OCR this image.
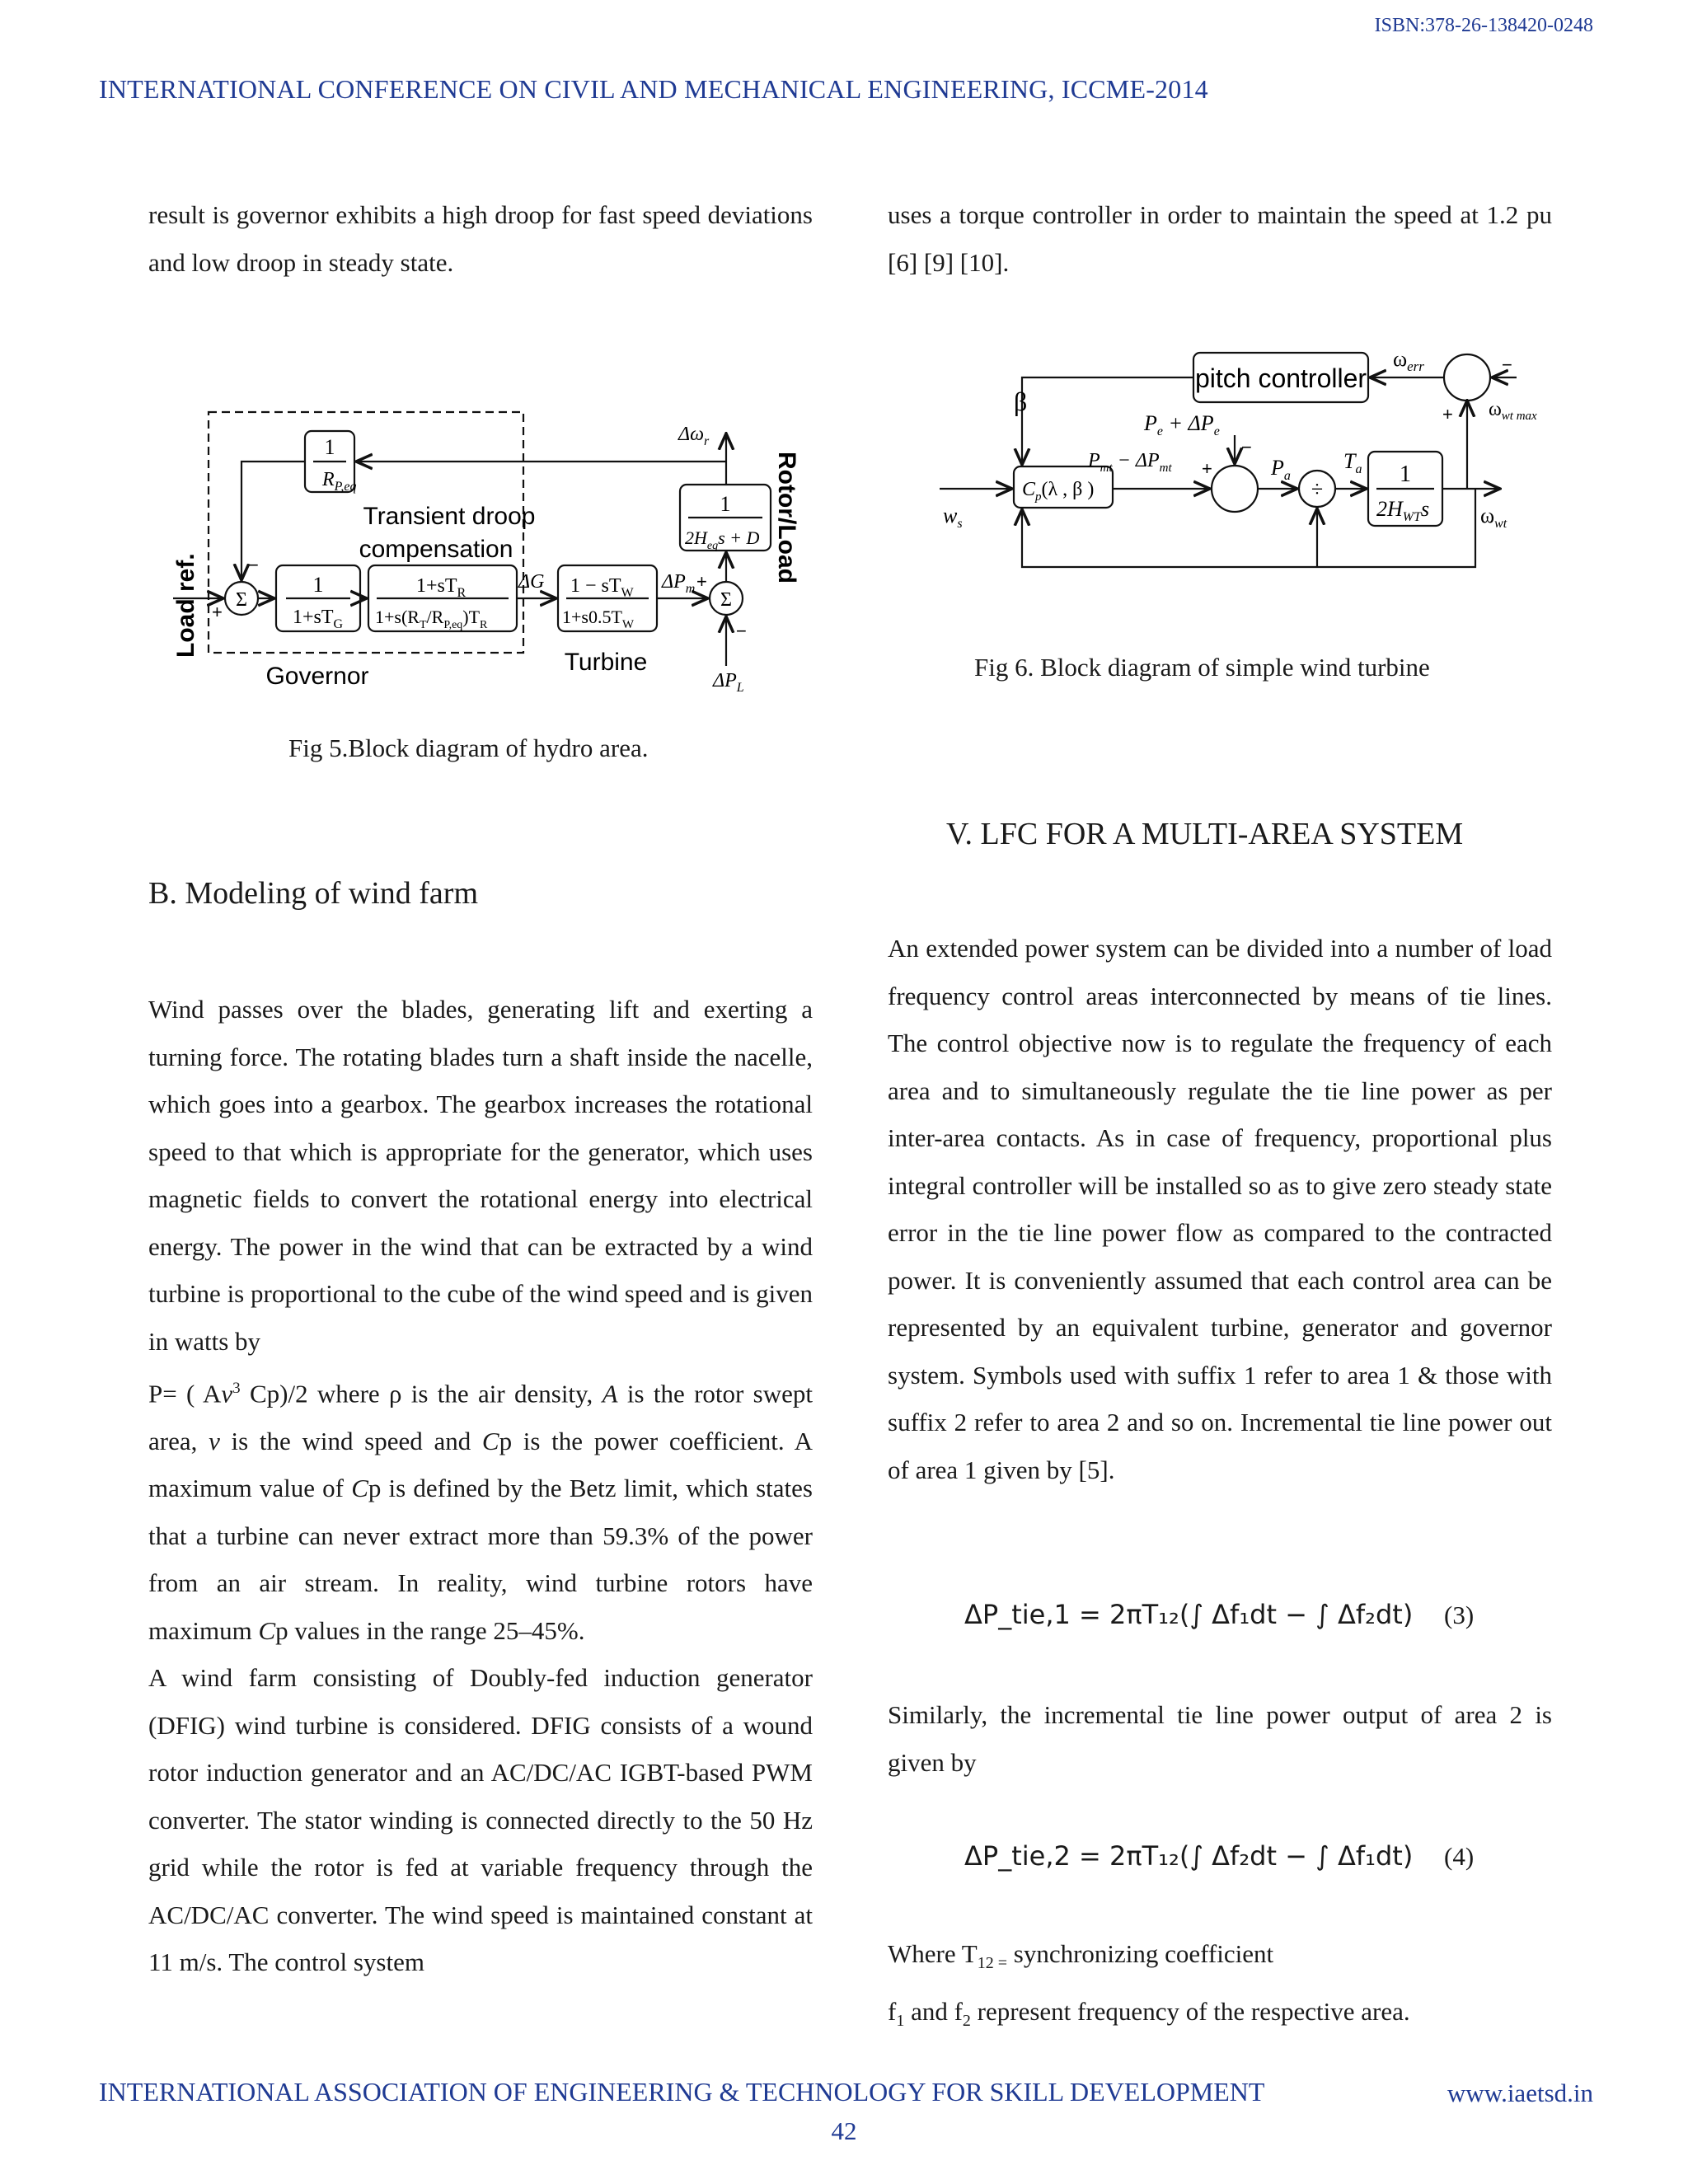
ISBN:378-26-138420-0248
INTERNATIONAL CONFERENCE ON CIVIL AND MECHANICAL ENGINEERING, ICCME-2014

result is governor exhibits a high droop for fast speed deviations and low droop in steady state.

1
$R_{P,eq}$
Transient droop
compensation
Σ	Σ
1
$1+sT_G$
$1+sT_R$
$1+s(R_T/R_{P,eq})T_R$
ΔG $1 - sT_W$
$1+s0.5T_W$
$\Delta P_m$ +
1
$2H_{eq}s + D$
$\Delta\omega_r$
Rotor/Load
Load ref.
Governor
Turbine
$\Delta P_L$
+
−
−
Fig 5.Block diagram of hydro area.
B. Modeling of wind farm

Wind passes over the blades, generating lift and exerting a turning force. The rotating blades turn a shaft inside the nacelle, which goes into a gearbox. The gearbox increases the rotational speed to that which is appropriate for the generator, which uses magnetic fields to convert the rotational energy into electrical energy. The power in the wind that can be extracted by a wind turbine is proportional to the cube of the wind speed and is given in watts by

P= ( Av$^3$ Cp)/2 where ρ is the air density, A is the rotor swept area, v is the wind speed and Cp is the power coefficient. A maximum value of Cp is defined by the Betz limit, which states that a turbine can never extract more than 59.3% of the power from an air stream. In reality, wind turbine rotors have maximum Cp values in the range 25–45%.

A wind farm consisting of Doubly-fed induction generator (DFIG) wind turbine is considered. DFIG consists of a wound rotor induction generator and an AC/DC/AC IGBT-based PWM converter. The stator winding is connected directly to the 50 Hz grid while the rotor is fed at variable frequency through the AC/DC/AC converter. The wind speed is maintained constant at 11 m/s. The control system

uses a torque controller in order to maintain the speed at 1.2 pu [6] [9] [10].

pitch controller
β
$\omega_{err}$
$\omega_{wt max}$
+
−
$P_e + \Delta P_e$
$P_{mt} - \Delta P_{mt}$ +
−
$C_p(\lambda$ , β )
$P_a$
$T_a$
÷
1
$2H_{WT}s$
$w_s$	$\omega_{wt}$
Fig 6. Block diagram of simple wind turbine
V. LFC FOR A MULTI-AREA SYSTEM

An extended power system can be divided into a number of load frequency control areas interconnected by means of tie lines. The control objective now is to regulate the frequency of each area and to simultaneously regulate the tie line power as per inter-area contacts. As in case of frequency, proportional plus integral controller will be installed so as to give zero steady state error in the tie line power flow as compared to the contracted power. It is conveniently assumed that each control area can be represented by an equivalent turbine, generator and governor system. Symbols used with suffix 1 refer to area 1 & those with suffix 2 refer to area 2 and so on. Incremental tie line power out of area 1 given by [5].

ΔP_tie,1 = 2πT₁₂(∫ Δf₁dt − ∫ Δf₂dt) (3)

Similarly, the incremental tie line power output of area 2 is given by

ΔP_tie,2 = 2πT₁₂(∫ Δf₂dt − ∫ Δf₁dt) (4)

Where $T_{12 =}$ synchronizing coefficient

$f_1$ and $f_2$ represent frequency of the respective area.

INTERNATIONAL ASSOCIATION OF ENGINEERING & TECHNOLOGY FOR SKILL DEVELOPMENT	www.iaetsd.in
42
